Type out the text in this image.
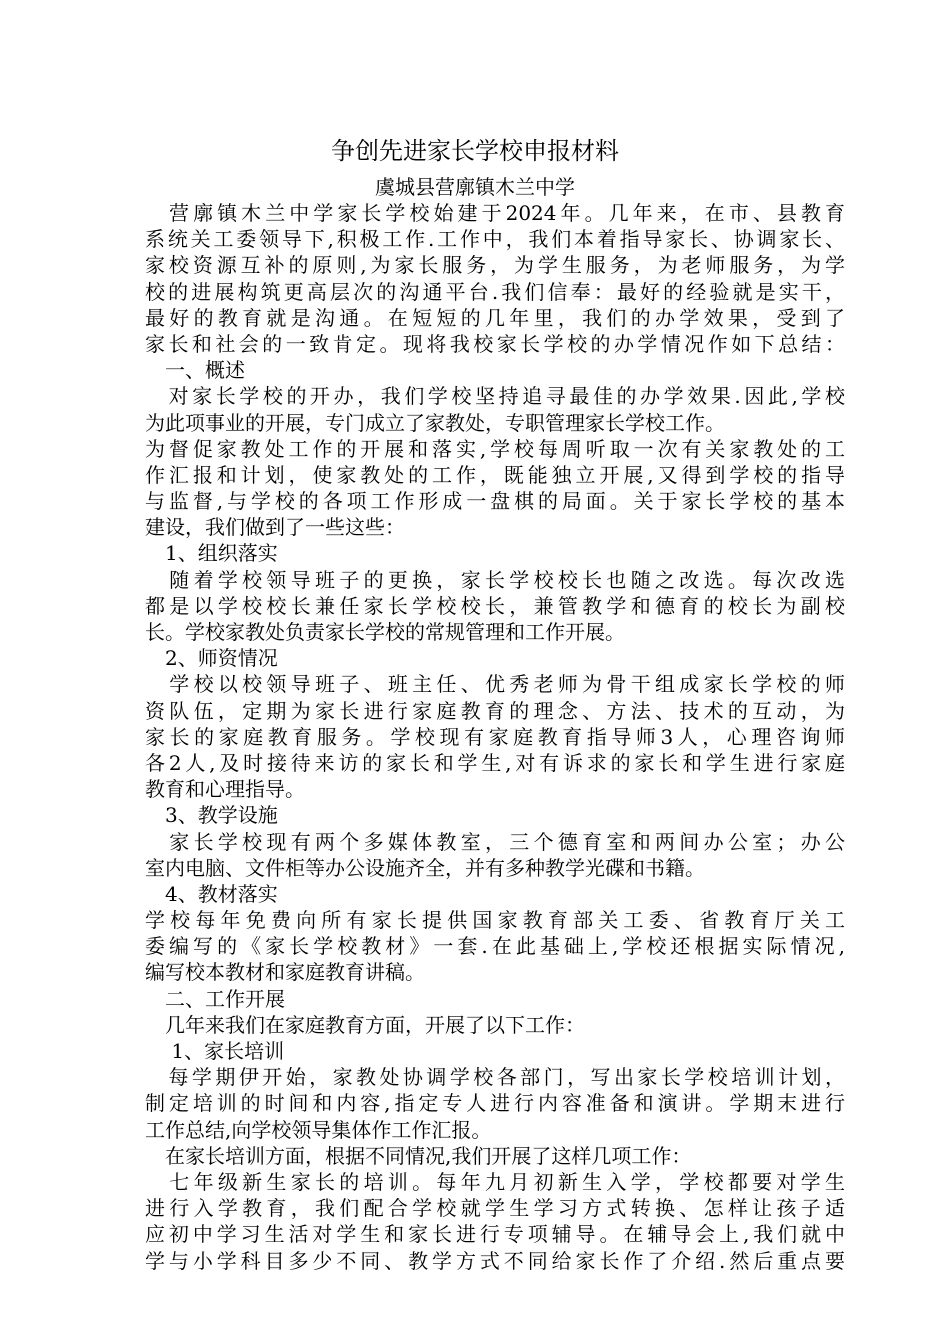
争创先进家长学校申报材料
虞城县营廓镇木兰中学
　营廓镇木兰中学家长学校始建于2024年。几年来，在市、县教育
系统关工委领导下,积极工作.工作中，我们本着指导家长、协调家长、
家校资源互补的原则,为家长服务，为学生服务，为老师服务，为学
校的进展构筑更高层次的沟通平台.我们信奉：最好的经验就是实干，
最好的教育就是沟通。在短短的几年里，我们的办学效果，受到了
家长和社会的一致肯定。现将我校家长学校的办学情况作如下总结：
　一、概述
　对家长学校的开办，我们学校坚持追寻最佳的办学效果.因此,学校
为此项事业的开展，专门成立了家教处，专职管理家长学校工作。
为督促家教处工作的开展和落实,学校每周听取一次有关家教处的工
作汇报和计划，使家教处的工作，既能独立开展,又得到学校的指导
与监督,与学校的各项工作形成一盘棋的局面。关于家长学校的基本
建设，我们做到了一些这些：
　1、组织落实
　随着学校领导班子的更换，家长学校校长也随之改选。每次改选
都是以学校校长兼任家长学校校长，兼管教学和德育的校长为副校
长。学校家教处负责家长学校的常规管理和工作开展。
　2、师资情况
　学校以校领导班子、班主任、优秀老师为骨干组成家长学校的师
资队伍，定期为家长进行家庭教育的理念、方法、技术的互动，为
家长的家庭教育服务。学校现有家庭教育指导师3人，心理咨询师
各2人,及时接待来访的家长和学生,对有诉求的家长和学生进行家庭
教育和心理指导。
　3、教学设施
　家长学校现有两个多媒体教室，三个德育室和两间办公室；办公
室内电脑、文件柜等办公设施齐全，并有多种教学光碟和书籍。
　4、教材落实
学校每年免费向所有家长提供国家教育部关工委、省教育厅关工
委编写的《家长学校教材》一套.在此基础上,学校还根据实际情况,
编写校本教材和家庭教育讲稿。
　二、工作开展
　几年来我们在家庭教育方面，开展了以下工作：
　 1、家长培训
　每学期伊开始，家教处协调学校各部门，写出家长学校培训计划，
制定培训的时间和内容,指定专人进行内容准备和演讲。学期末进行
工作总结,向学校领导集体作工作汇报。
　在家长培训方面，根据不同情况,我们开展了这样几项工作：
　七年级新生家长的培训。每年九月初新生入学，学校都要对学生
进行入学教育，我们配合学校就学生学习方式转换、怎样让孩子适
应初中学习生活对学生和家长进行专项辅导。在辅导会上,我们就中
学与小学科目多少不同、教学方式不同给家长作了介绍.然后重点要
